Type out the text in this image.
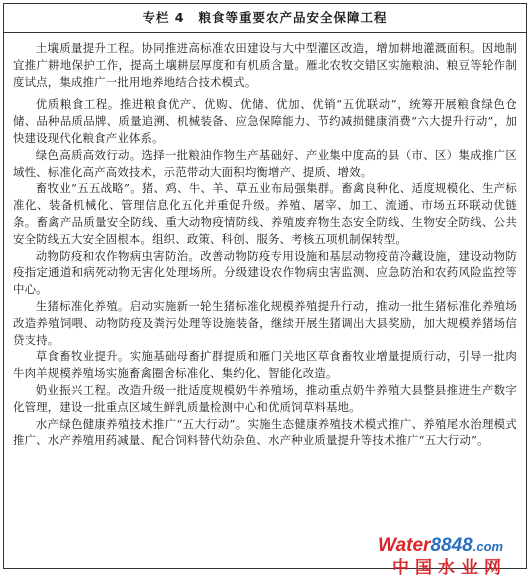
专栏 4 粮食等重要农产品安全保障工程

土壤质量提升工程。协同推进高标准农田建设与大中型灌区改造，增加耕地灌溉面积。因地制宜推广耕地保护工作，提高土壤耕层厚度和有机质含量。雁北农牧交错区实施粮油、粮豆等轮作制度试点，集成推广一批用地养地结合技术模式。

优质粮食工程。推进粮食优产、优购、优储、优加、优销“五优联动”，统筹开展粮食绿色仓储、品种品质品牌、质量追溯、机械装备、应急保障能力、节约减损健康消费“六大提升行动”，加快建设现代化粮食产业体系。

绿色高质高效行动。选择一批粮油作物生产基础好、产业集中度高的县（市、区）集成推广区域性、标准化高产高效技术，示范带动大面积均衡增产、提质、增效。

畜牧业“五五战略”。猪、鸡、牛、羊、草五业布局强集群。畜禽良种化、适度规模化、生产标准化、装备机械化、管理信息化五化并重促升级。养殖、屠宰、加工、流通、市场五环联动优链条。畜禽产品质量安全防线、重大动物疫情防线、养殖废弃物生态安全防线、生物安全防线、公共安全防线五大安全固根本。组织、政策、科创、服务、考核五项机制保转型。

动物防疫和农作物病虫害防治。改善动物防疫专用设施和基层动物疫苗冷藏设施，建设动物防疫指定通道和病死动物无害化处理场所。分级建设农作物病虫害监测、应急防治和农药风险监控等中心。

生猪标准化养殖。启动实施新一轮生猪标准化规模养殖提升行动，推动一批生猪标准化养殖场改造养殖饲喂、动物防疫及粪污处理等设施装备，继续开展生猪调出大县奖励，加大规模养猪场信贷支持。

草食畜牧业提升。实施基础母畜扩群提质和雁门关地区草食畜牧业增量提质行动，引导一批肉牛肉羊规模养殖场实施畜禽圈舍标准化、集约化、智能化改造。

奶业振兴工程。改造升级一批适度规模奶牛养殖场，推动重点奶牛养殖大县整县推进生产数字化管理，建设一批重点区域生鲜乳质量检测中心和优质饲草料基地。

水产绿色健康养殖技术推广“五大行动”。实施生态健康养殖技术模式推广、养殖尾水治理模式推广、水产养殖用药减量、配合饲料替代幼杂鱼、水产种业质量提升等技术推广“五大行动”。

Water8848.com
中国水业网
